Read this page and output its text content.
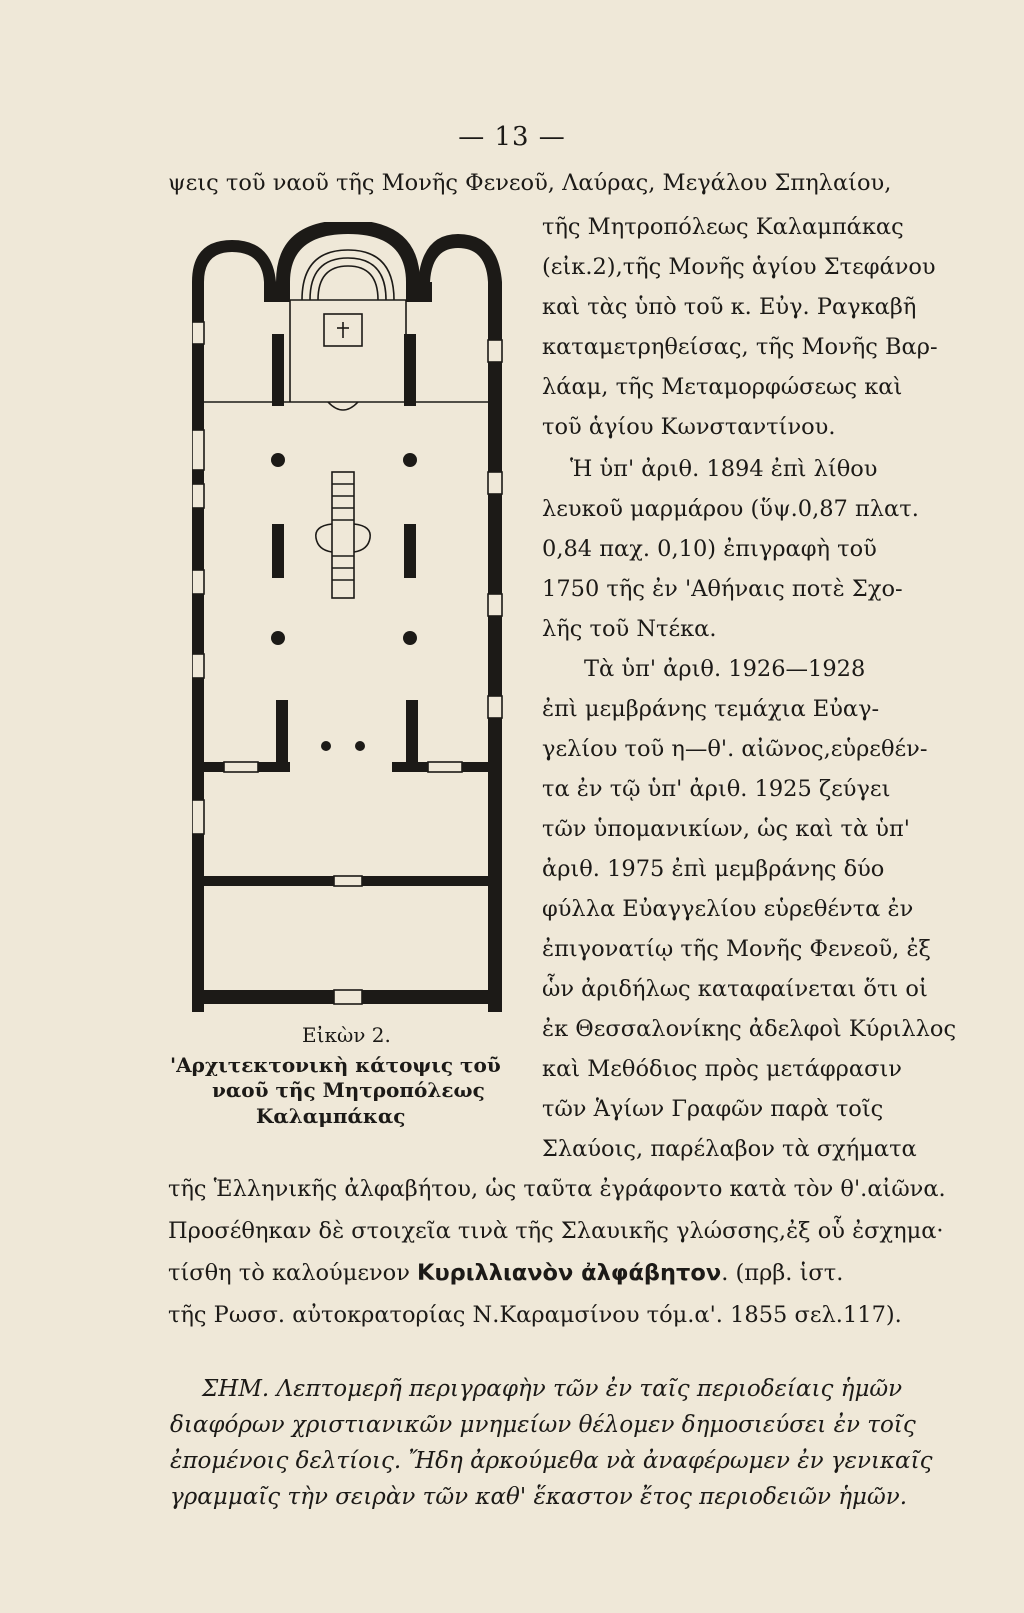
— 13 —
ψεις τοῦ ναοῦ τῆς Μονῆς Φενεοῦ, Λαύρας, Μεγάλου Σπηλαίου,
τῆς Μητροπόλεως Καλαμπάκας
(εἰκ.2),τῆς Μονῆς ἁγίου Στεφάνου
καὶ τὰς ὑπὸ τοῦ κ. Εὐγ. Ραγκαβῆ
καταμετρηθείσας, τῆς Μονῆς Βαρ-
λάαμ, τῆς Μεταμορφώσεως καὶ
τοῦ ἁγίου Κωνσταντίνου.
Ἡ ὑπ' ἀριθ. 1894 ἐπὶ λίθου
λευκοῦ μαρμάρου (ὕψ.0,87 πλατ.
0,84 παχ. 0,10) ἐπιγραφὴ τοῦ
1750 τῆς ἐν 'Αθήναις ποτὲ Σχο-
λῆς τοῦ Ντέκα.
Τὰ ὑπ' ἀριθ. 1926—1928
ἐπὶ μεμβράνης τεμάχια Εὐαγ-
γελίου τοῦ η—θ'. αἰῶνος,εὑρεθέν-
τα ἐν τῷ ὑπ' ἀριθ. 1925 ζεύγει
τῶν ὑπομανικίων, ὡς καὶ τὰ ὑπ'
ἀριθ. 1975 ἐπὶ μεμβράνης δύο
φύλλα Εὐαγγελίου εὑρεθέντα ἐν
ἐπιγονατίῳ τῆς Μονῆς Φενεοῦ, ἐξ
ὧν ἀριδήλως καταφαίνεται ὅτι οἱ
ἐκ Θεσσαλονίκης ἀδελφοὶ Κύριλλος
καὶ Μεθόδιος πρὸς μετάφρασιν
τῶν Ἁγίων Γραφῶν παρὰ τοῖς
Σλαύοις, παρέλαβον τὰ σχήματα
Εἰκὼν 2.
'Αρχιτεκτονικὴ κάτοψις τοῦ
ναοῦ τῆς Μητροπόλεως
Καλαμπάκας
τῆς Ἑλληνικῆς ἀλφαβήτου, ὡς ταῦτα ἐγράφοντο κατὰ τὸν θ'.αἰῶνα.
Προσέθηκαν δὲ στοιχεῖα τινὰ τῆς Σλαυικῆς γλώσσης,ἐξ οὗ ἐσχημα·
τίσθη τὸ καλούμενον Κυριλλιανὸν ἀλφάβητον. (πρβ. ἱστ.
τῆς Ρωσσ. αὐτοκρατορίας Ν.Καραμσίνου τόμ.α'. 1855 σελ.117).
ΣΗΜ. Λεπτομερῆ περιγραφὴν τῶν ἐν ταῖς περιοδείαις ἡμῶν
διαφόρων χριστιανικῶν μνημείων θέλομεν δημοσιεύσει ἐν τοῖς
ἐπομένοις δελτίοις. Ἤδη ἀρκούμεθα νὰ ἀναφέρωμεν ἐν γενικαῖς
γραμμαῖς τὴν σειρὰν τῶν καθ' ἕκαστον ἔτος περιοδειῶν ἡμῶν.
